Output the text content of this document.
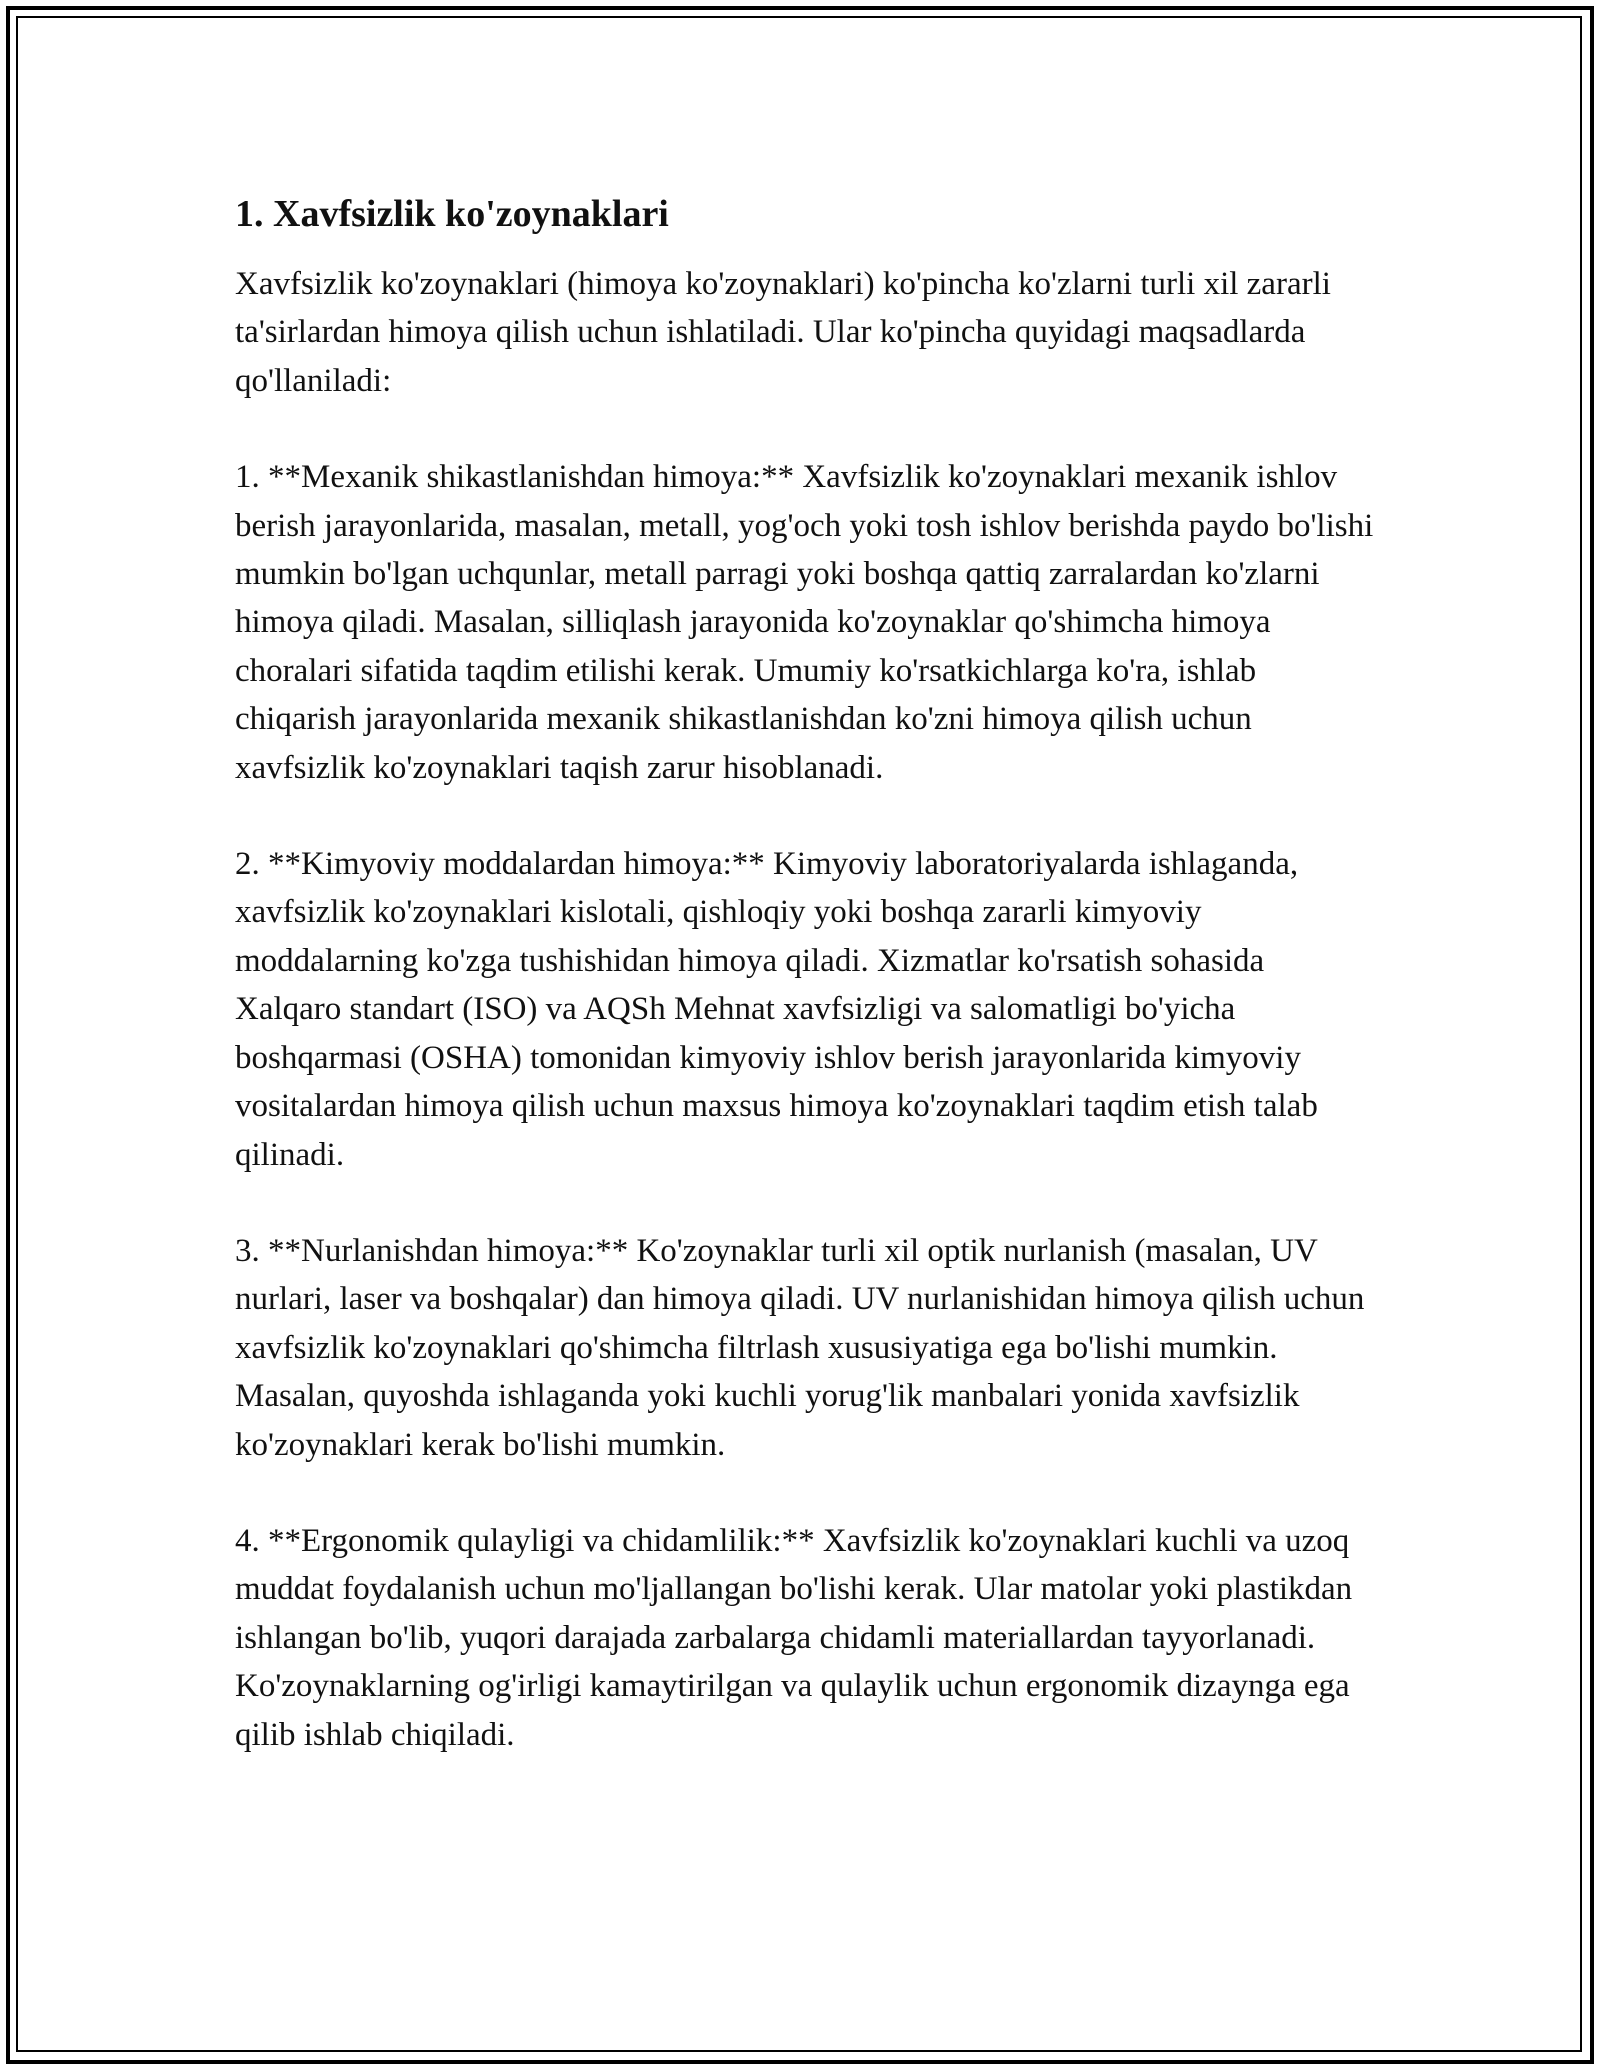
1. Xavfsizlik ko'zoynaklari

Xavfsizlik ko'zoynaklari (himoya ko'zoynaklari) ko'pincha ko'zlarni turli xil zararli ta'sirlardan himoya qilish uchun ishlatiladi. Ular ko'pincha quyidagi maqsadlarda qo'llaniladi:

1. **Mexanik shikastlanishdan himoya:** Xavfsizlik ko'zoynaklari mexanik ishlov berish jarayonlarida, masalan, metall, yog'och yoki tosh ishlov berishda paydo bo'lishi mumkin bo'lgan uchqunlar, metall parragi yoki boshqa qattiq zarralardan ko'zlarni himoya qiladi. Masalan, silliqlash jarayonida ko'zoynaklar qo'shimcha himoya choralari sifatida taqdim etilishi kerak. Umumiy ko'rsatkichlarga ko'ra, ishlab chiqarish jarayonlarida mexanik shikastlanishdan ko'zni himoya qilish uchun xavfsizlik ko'zoynaklari taqish zarur hisoblanadi.

2. **Kimyoviy moddalardan himoya:** Kimyoviy laboratoriyalarda ishlaganda, xavfsizlik ko'zoynaklari kislotali, qishloqiy yoki boshqa zararli kimyoviy moddalarning ko'zga tushishidan himoya qiladi. Xizmatlar ko'rsatish sohasida Xalqaro standart (ISO) va AQSh Mehnat xavfsizligi va salomatligi bo'yicha boshqarmasi (OSHA) tomonidan kimyoviy ishlov berish jarayonlarida kimyoviy vositalardan himoya qilish uchun maxsus himoya ko'zoynaklari taqdim etish talab qilinadi.

3. **Nurlanishdan himoya:** Ko'zoynaklar turli xil optik nurlanish (masalan, UV nurlari, laser va boshqalar) dan himoya qiladi. UV nurlanishidan himoya qilish uchun xavfsizlik ko'zoynaklari qo'shimcha filtrlash xususiyatiga ega bo'lishi mumkin. Masalan, quyoshda ishlaganda yoki kuchli yorug'lik manbalari yonida xavfsizlik ko'zoynaklari kerak bo'lishi mumkin.

4. **Ergonomik qulayligi va chidamlilik:** Xavfsizlik ko'zoynaklari kuchli va uzoq muddat foydalanish uchun mo'ljallangan bo'lishi kerak. Ular matolar yoki plastikdan ishlangan bo'lib, yuqori darajada zarbalarga chidamli materiallardan tayyorlanadi. Ko'zoynaklarning og'irligi kamaytirilgan va qulaylik uchun ergonomik dizaynga ega qilib ishlab chiqiladi.
